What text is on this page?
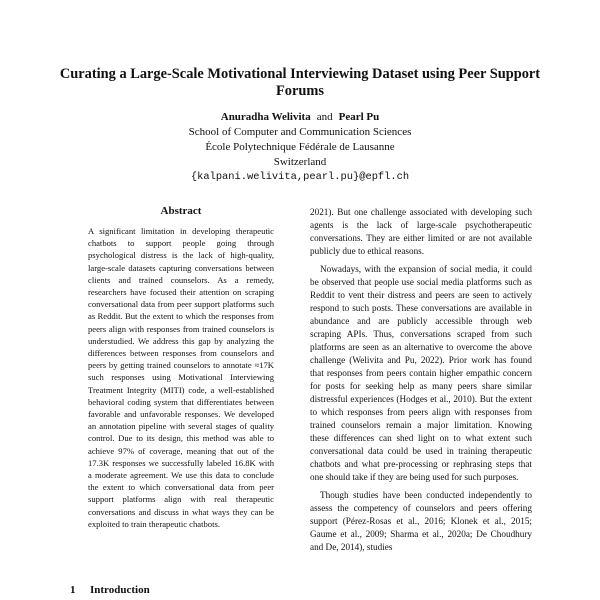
Curating a Large-Scale Motivational Interviewing Dataset using Peer Support Forums
Anuradha Welivita and Pearl Pu
School of Computer and Communication Sciences
École Polytechnique Fédérale de Lausanne
Switzerland
{kalpani.welivita,pearl.pu}@epfl.ch
Abstract
A significant limitation in developing therapeutic chatbots to support people going through psychological distress is the lack of high-quality, large-scale datasets capturing conversations between clients and trained counselors. As a remedy, researchers have focused their attention on scraping conversational data from peer support platforms such as Reddit. But the extent to which the responses from peers align with responses from trained counselors is understudied. We address this gap by analyzing the differences between responses from counselors and peers by getting trained counselors to annotate ≈17K such responses using Motivational Interviewing Treatment Integrity (MITI) code, a well-established behavioral coding system that differentiates between favorable and unfavorable responses. We developed an annotation pipeline with several stages of quality control. Due to its design, this method was able to achieve 97% of coverage, meaning that out of the 17.3K responses we successfully labeled 16.8K with a moderate agreement. We use this data to conclude the extent to which conversational data from peer support platforms align with real therapeutic conversations and discuss in what ways they can be exploited to train therapeutic chatbots.
1 Introduction

2021). But one challenge associated with developing such agents is the lack of large-scale psychotherapeutic conversations. They are either limited or are not available publicly due to ethical reasons.

Nowadays, with the expansion of social media, it could be observed that people use social media platforms such as Reddit to vent their distress and peers are seen to actively respond to such posts. These conversations are available in abundance and are publicly accessible through web scraping APIs. Thus, conversations scraped from such platforms are seen as an alternative to overcome the above challenge (Welivita and Pu, 2022). Prior work has found that responses from peers contain higher empathic concern for posts for seeking help as many peers share similar distressful experiences (Hodges et al., 2010). But the extent to which responses from peers align with responses from trained counselors remain a major limitation. Knowing these differences can shed light on to what extent such conversational data could be used in training therapeutic chatbots and what pre-processing or rephrasing steps that one should take if they are being used for such purposes.

Though studies have been conducted independently to assess the competency of counselors and peers offering support (Pérez-Rosas et al., 2016; Klonek et al., 2015; Gaume et al., 2009; Sharma et al., 2020a; De Choudhury and De, 2014), studies
